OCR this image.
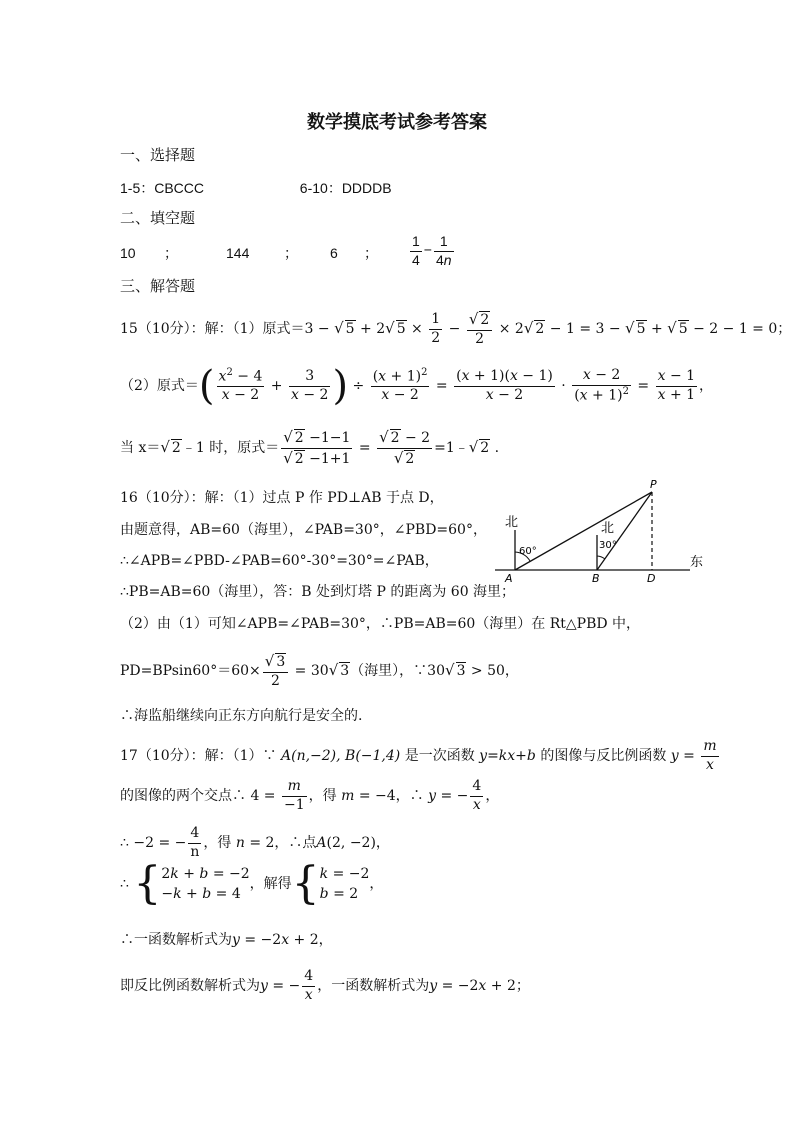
数学摸底考试参考答案
一、选择题
1-5：CBCCC	6-10：DDDDB
二、填空题
10 ；	144 ； 6 ； $\frac{1}{4} - \frac{1}{4n}$
三、解答题
15（10分）：解：（1）原式＝3 − √ 5 + 2√ $5 \times \frac{1}{2} - \frac{√ 2}{2} \times 2√$ 2 − 1 = 3 − √ 5 + √ 5 − 2 − 1 = 0；
（2）原式＝( $\frac{x^2 - 4}{x - 2} + \frac{3}{x - 2}$ ) ÷ $\frac{(x + 1)^2}{x - 2} = \frac{(x + 1)(x - 1)}{x - 2} \cdot \frac{x - 2}{(x + 1)^2} = \frac{x - 1}{x + 1}$ ，
当 x＝√ 2﹣1 时，原式＝ $\frac{√ 2 -1-1}{√ 2 -1+1} = \frac{√ 2 - 2}{√ 2}$ =1﹣√ 2 .
16（10分）：解：（1）过点 P 作 PD⊥AB 于点 D，
由题意得，AB=60（海里），∠PAB=30°，∠PBD=60°，
∴∠APB=∠PBD-∠PAB=60°-30°=30°=∠PAB，
∴PB=AB=60（海里），答：B 处到灯塔 P 的距离为 60 海里；
（2）由（1）可知∠APB=∠PAB=30°，∴PB=AB=60（海里）在 Rt△PBD 中，
北	北
60°
30°
东
A	B	D
P
$PD=BPsin60^\circ=60\times \frac{√ 3}{2} = 30√$ 3（海里），∵30√ 3 > 50，
∴海监船继续向正东方向航行是安全的.
17（10分）：解：（1）∵ A(n,−2), B(−1,4) 是一次函数 y=kx+b 的图像与反比例函数 $y = \frac{m}{x}$
的图像的两个交点∴ $4 = \frac{m}{-1}$ ，得 m = −4，∴ y = − $\frac{4}{x}$ ，
∴ −2 = − $\frac{4}{n}$ ，得 n = 2，∴点A(2, −2)，
∴ {2k + b = −2
−k + b = 4，解得{k = −2
b = 2，
∴一函数解析式为y = −2x + 2，
即反比例函数解析式为y = − $\frac{4}{x}$ ，一函数解析式为y = −2x + 2；
